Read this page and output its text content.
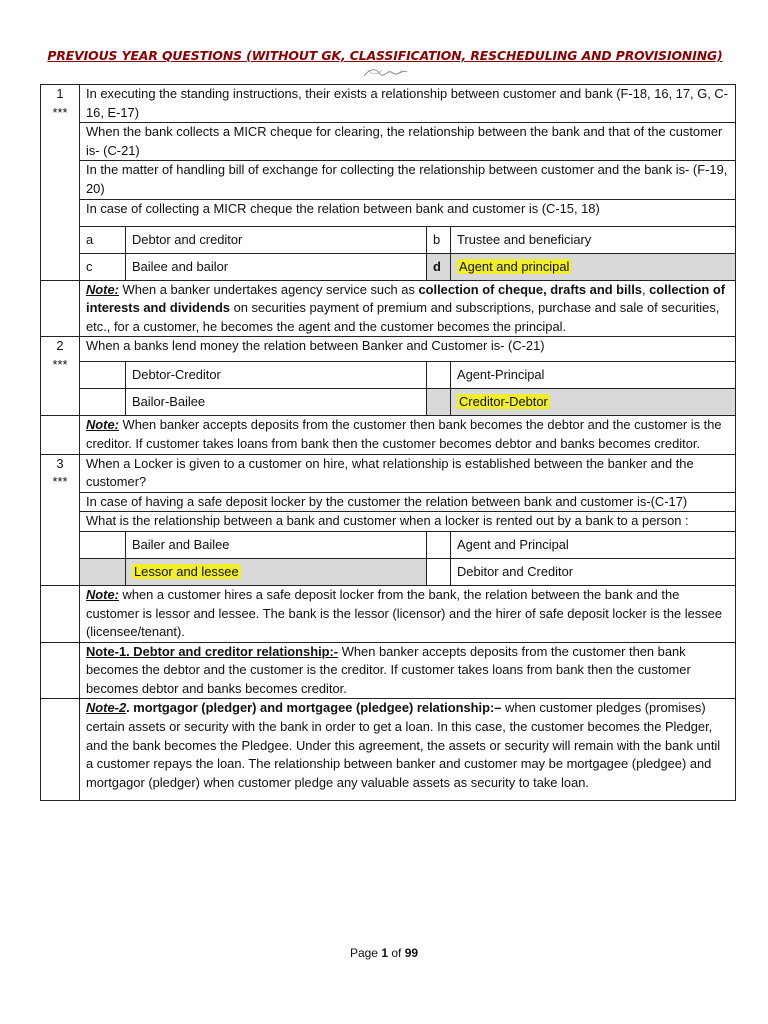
PREVIOUS YEAR QUESTIONS (WITHOUT GK, CLASSIFICATION, RESCHEDULING AND PROVISIONING)
1
***	In executing the standing instructions, their exists a relationship between customer and bank (F-18, 16, 17, G, C-16, E-17)			
	When the bank collects a MICR cheque for clearing, the relationship between the bank and that of the customer is- (C-21)			
	In the matter of handling bill of exchange for collecting the relationship between customer and the bank is- (F-19, 20)			
	In case of collecting a MICR cheque the relation between bank and customer is (C-15, 18)			
	a	Debtor and creditor	b	Trustee and beneficiary
	c	Bailee and bailor	d	Agent and principal
	Note: When a banker undertakes agency service such as collection of cheque, drafts and bills, collection of interests and dividends on securities payment of premium and subscriptions, purchase and sale of securities, etc., for a customer, he becomes the agent and the customer becomes the principal.			

2
***	When a banks lend money the relation between Banker and Customer is- (C-21)			
		Debtor-Creditor		Agent-Principal
		Bailor-Bailee		Creditor-Debtor
	Note: When banker accepts deposits from the customer then bank becomes the debtor and the customer is the creditor. If customer takes loans from bank then the customer becomes debtor and banks becomes creditor.			

3
***	When a Locker is given to a customer on hire, what relationship is established between the banker and the customer?			
	In case of having a safe deposit locker by the customer the relation between bank and customer is-(C-17)			
	What is the relationship between a bank and customer when a locker is rented out by a bank to a person :			
		Bailer and Bailee		Agent and Principal
		Lessor and lessee		Debitor and Creditor
	Note: when a customer hires a safe deposit locker from the bank, the relation between the bank and the customer is lessor and lessee. The bank is the lessor (licensor) and the hirer of safe deposit locker is the lessee (licensee/tenant).			
	Note-1. Debtor and creditor relationship:- When banker accepts deposits from the customer then bank becomes the debtor and the customer is the creditor. If customer takes loans from bank then the customer becomes debtor and banks becomes creditor.			
	Note-2. mortgagor (pledger) and mortgagee (pledgee) relationship:– when customer pledges (promises) certain assets or security with the bank in order to get a loan. In this case, the customer becomes the Pledger, and the bank becomes the Pledgee. Under this agreement, the assets or security will remain with the bank until a customer repays the loan. The relationship between banker and customer may be mortgagee (pledgee) and mortgagor (pledger) when customer pledge any valuable assets as security to take loan.			
Page 1 of 99
